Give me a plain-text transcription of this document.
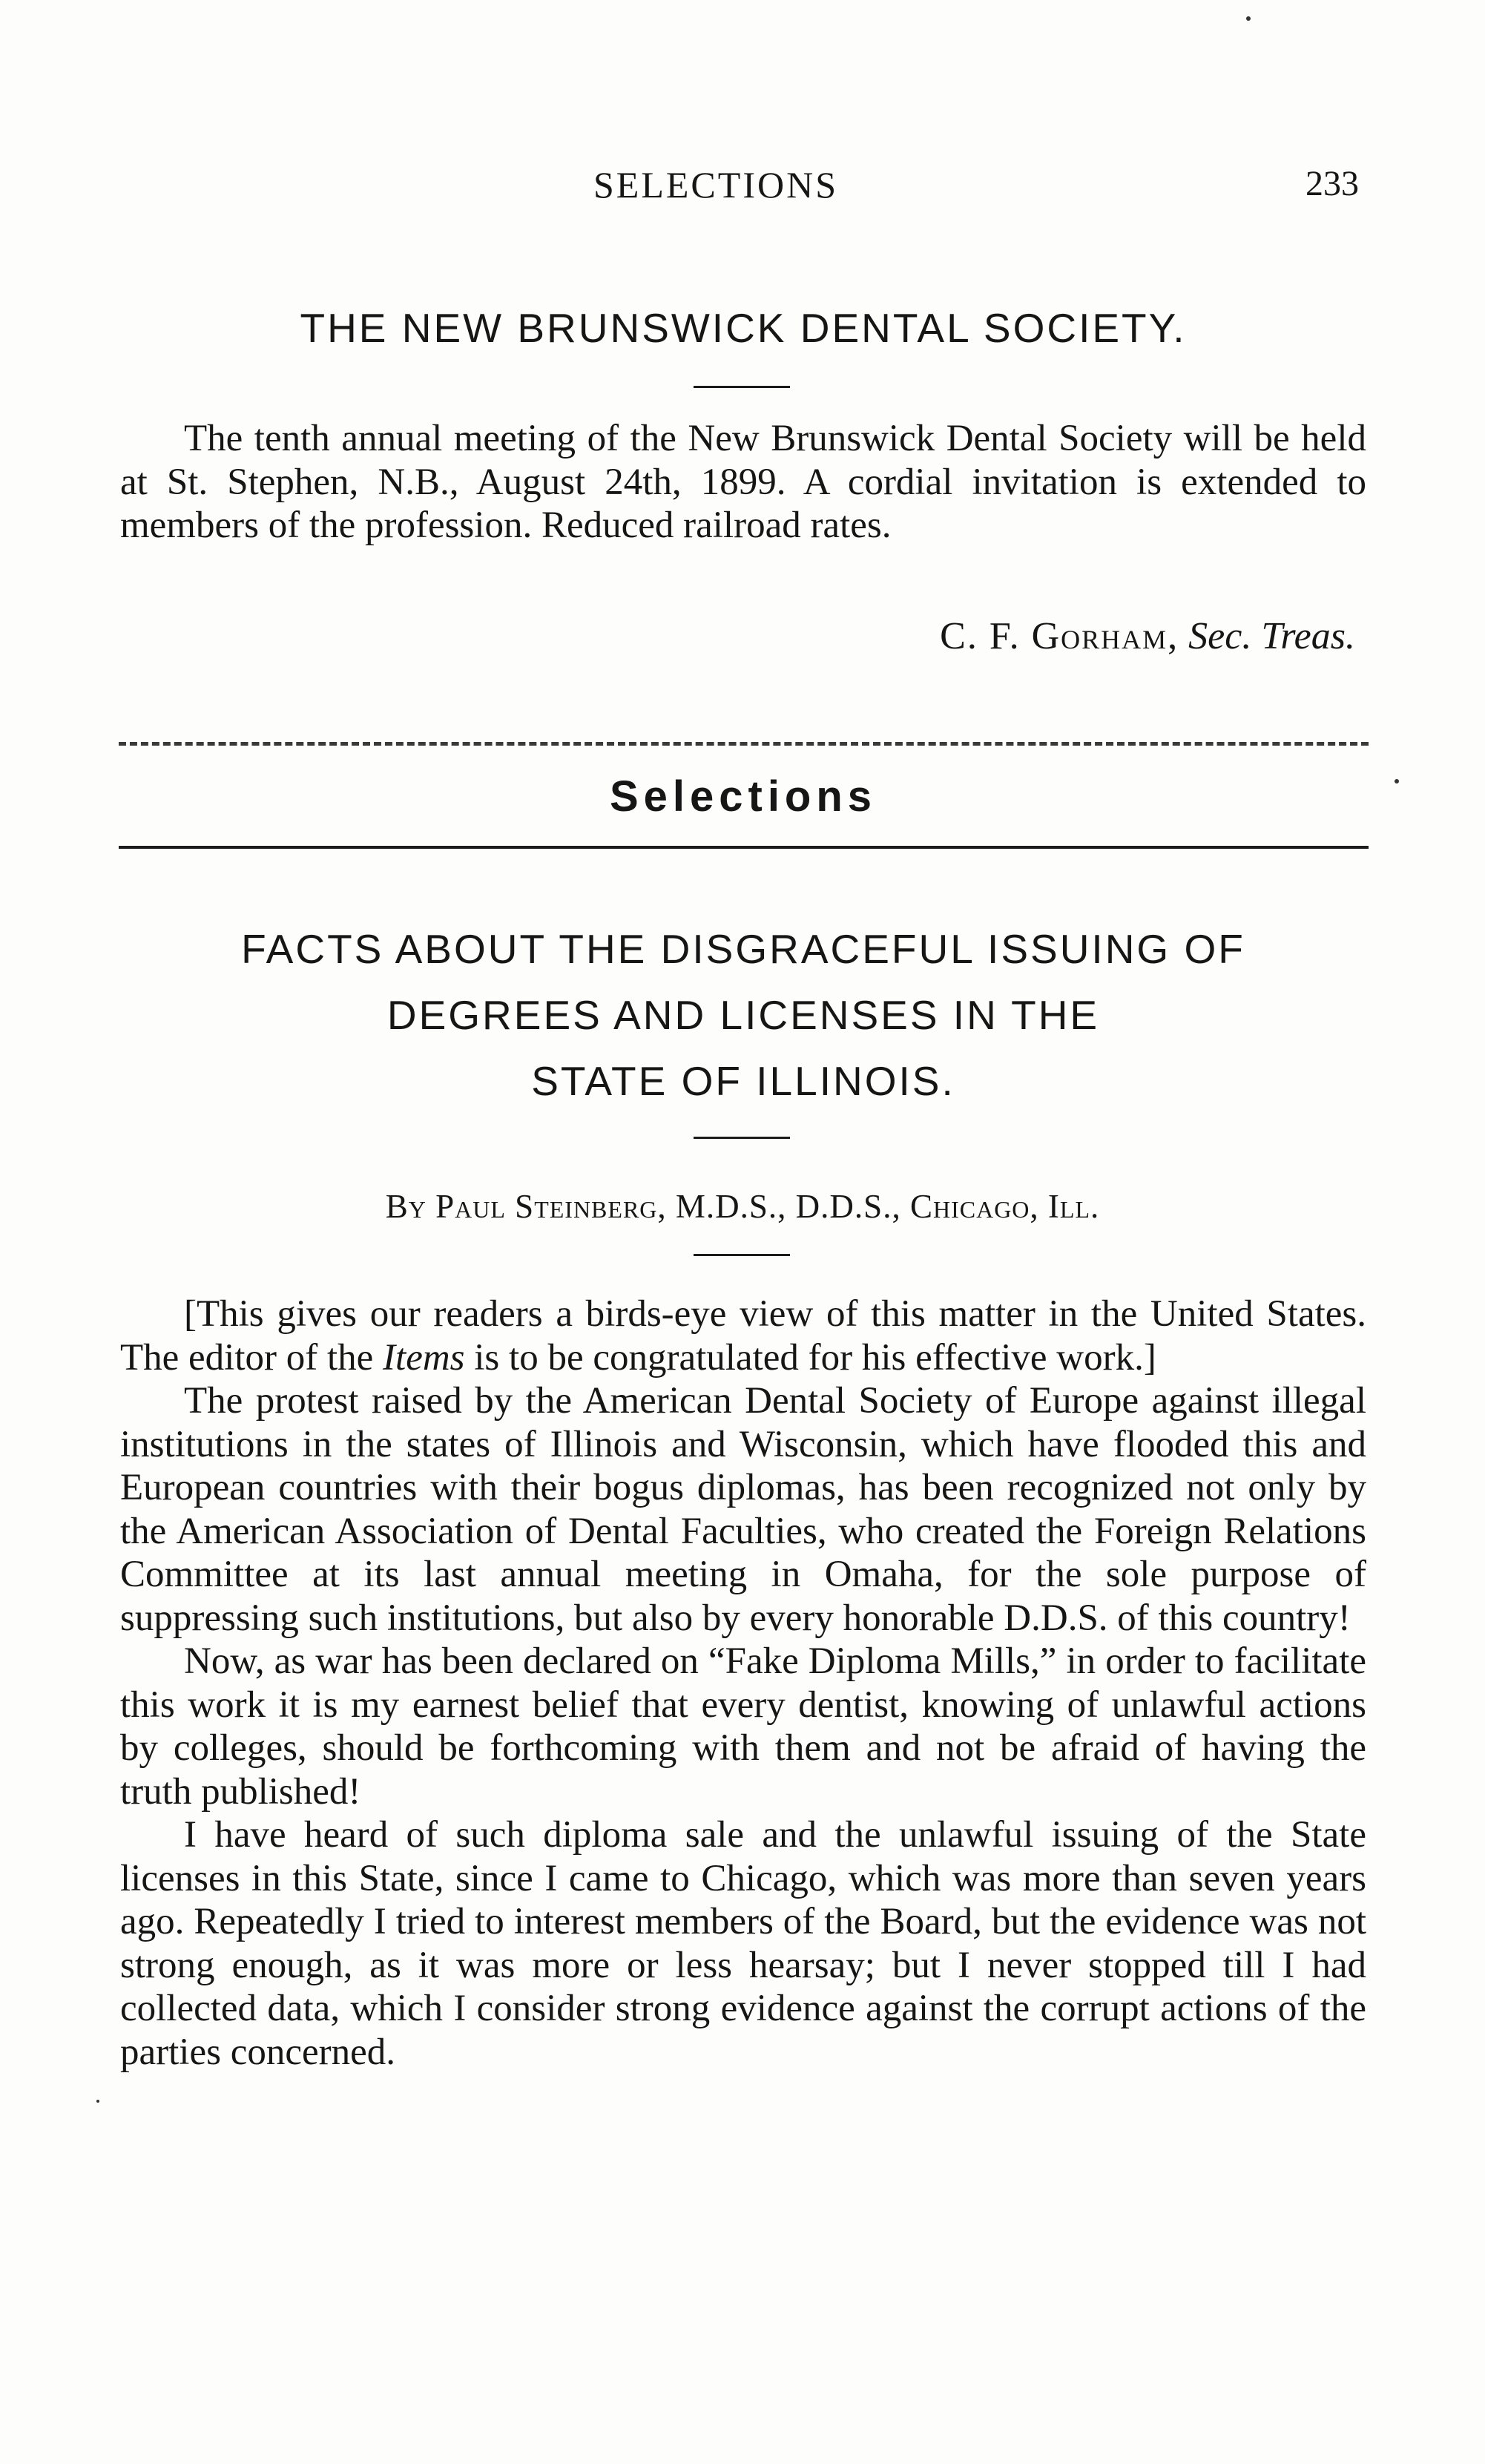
SELECTIONS	233
THE NEW BRUNSWICK DENTAL SOCIETY.

The tenth annual meeting of the New Brunswick Dental Society will be held at St. Stephen, N.B., August 24th, 1899. A cordial invitation is extended to members of the profession. Reduced railroad rates.

C. F. Gorham, Sec. Treas.
Selections
FACTS ABOUT THE DISGRACEFUL ISSUING OF
DEGREES AND LICENSES IN THE
STATE OF ILLINOIS.
By Paul Steinberg, M.D.S., D.D.S., Chicago, Ill.

[This gives our readers a birds-eye view of this matter in the United States. The editor of the Items is to be congratulated for his effective work.]

The protest raised by the American Dental Society of Europe against illegal institutions in the states of Illinois and Wisconsin, which have flooded this and European countries with their bogus diplomas, has been recognized not only by the American Association of Dental Faculties, who created the Foreign Relations Committee at its last annual meeting in Omaha, for the sole purpose of suppressing such institutions, but also by every honorable D.D.S. of this country!

Now, as war has been declared on “Fake Diploma Mills,” in order to facilitate this work it is my earnest belief that every dentist, knowing of unlawful actions by colleges, should be forthcoming with them and not be afraid of having the truth published!

I have heard of such diploma sale and the unlawful issuing of the State licenses in this State, since I came to Chicago, which was more than seven years ago. Repeatedly I tried to interest members of the Board, but the evidence was not strong enough, as it was more or less hearsay; but I never stopped till I had collected data, which I consider strong evidence against the corrupt actions of the parties concerned.
